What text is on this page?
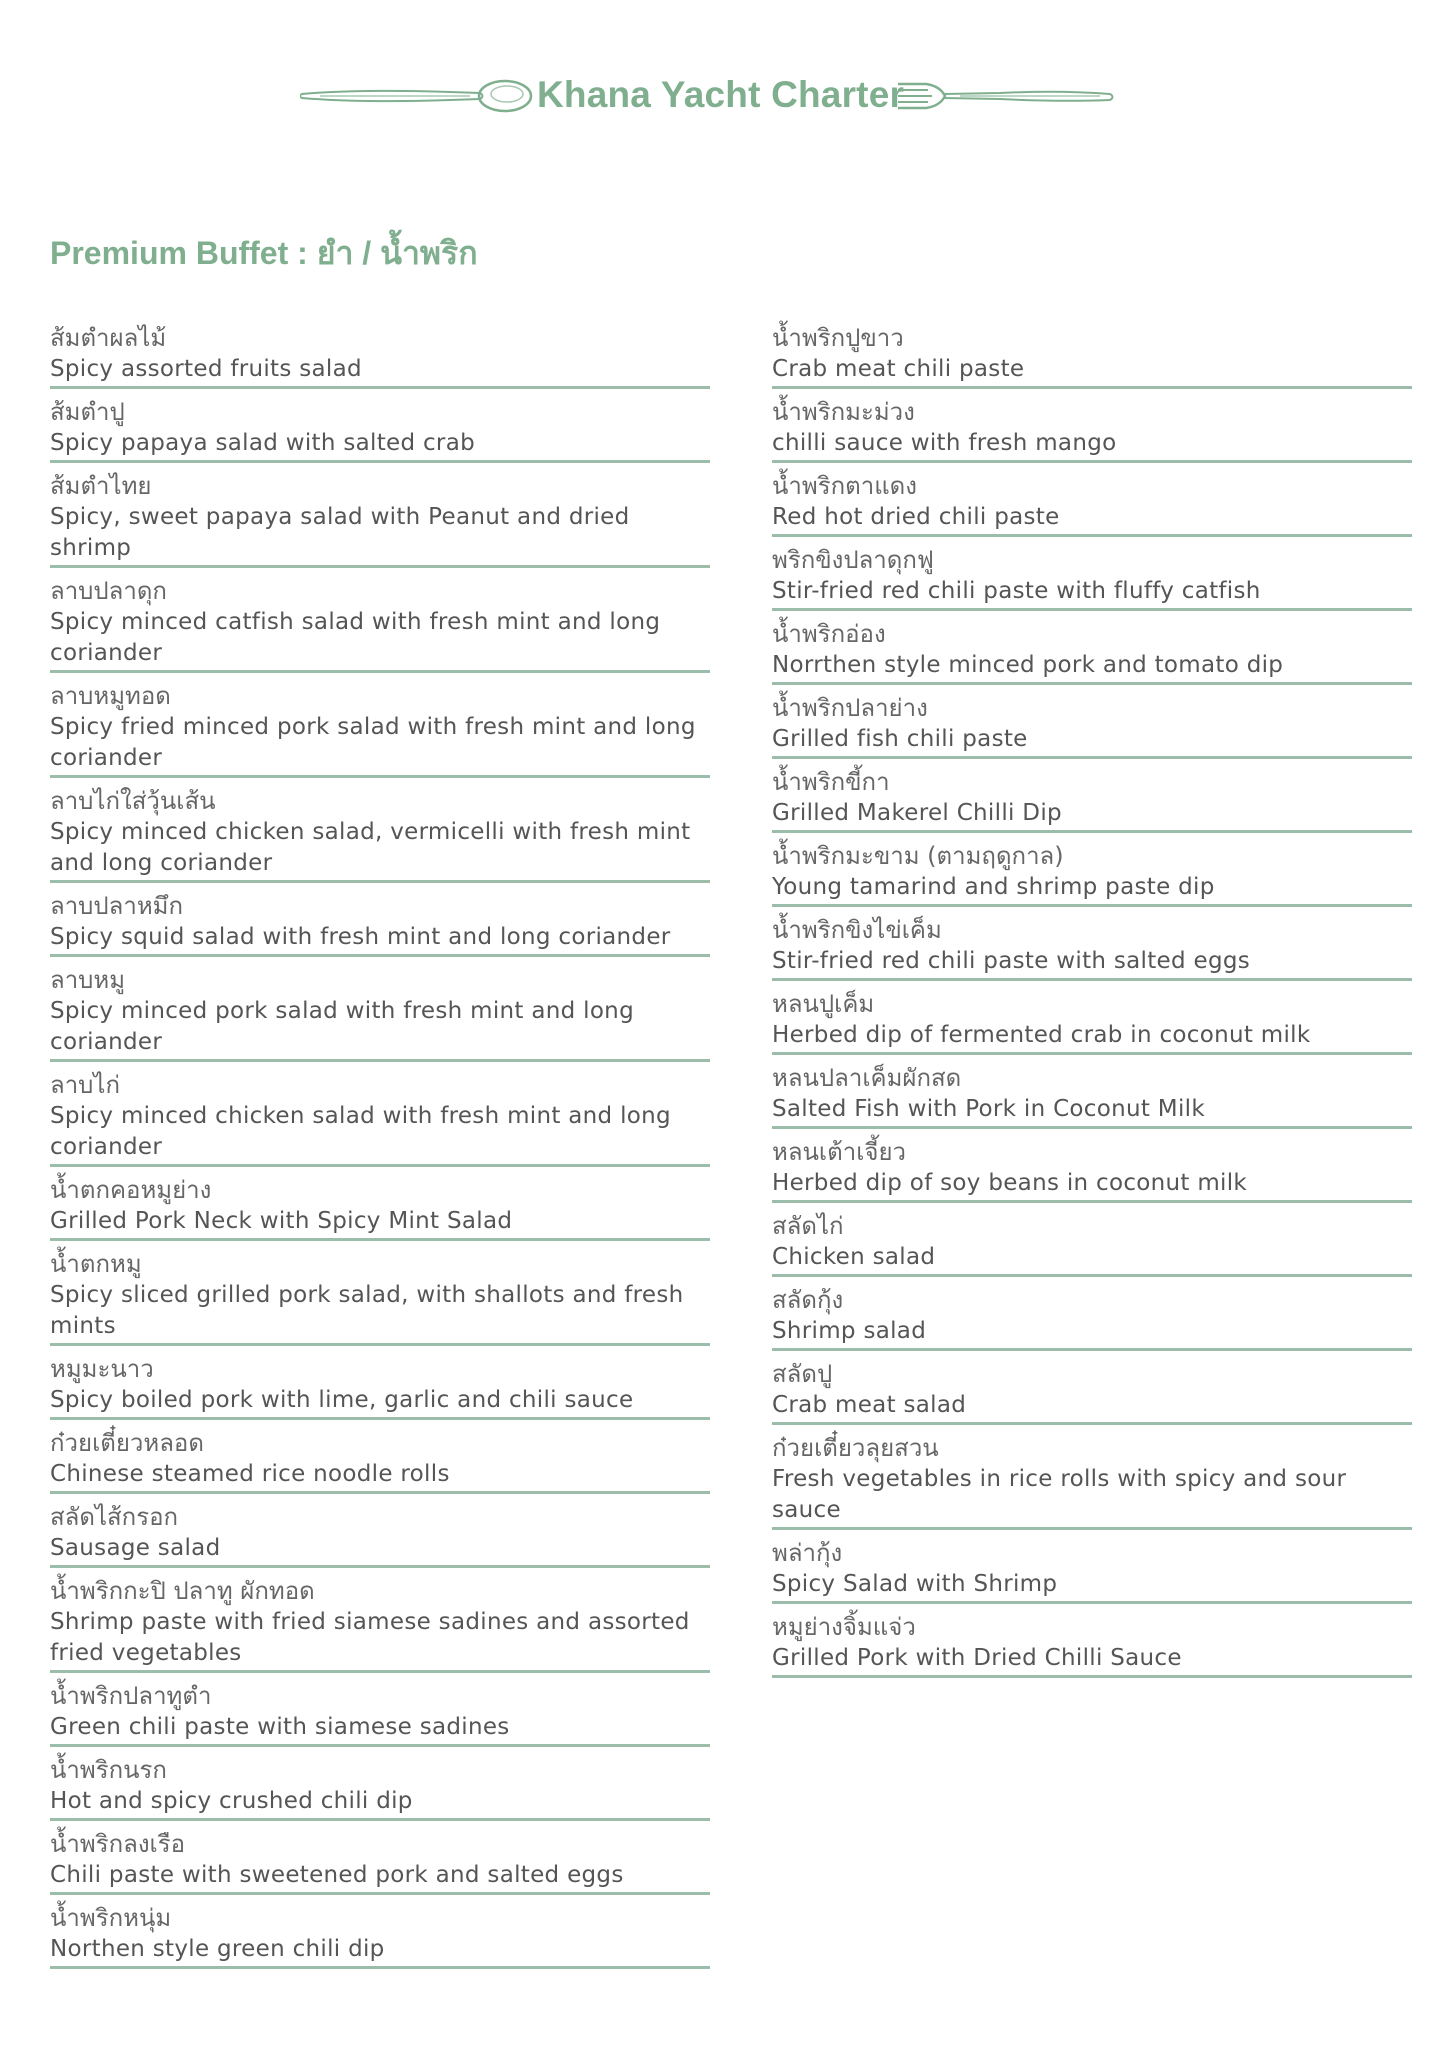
Khana Yacht Charter
Premium Buffet : ยำ / น้ำพริก
ส้มตำผลไม้
Spicy assorted fruits salad
ส้มตำปู
Spicy papaya salad with salted crab
ส้มตำไทย
Spicy, sweet papaya salad with Peanut and dried shrimp
ลาบปลาดุก
Spicy minced catfish salad with fresh mint and long coriander
ลาบหมูทอด
Spicy fried minced pork salad with fresh mint and long coriander
ลาบไก่ใส่วุ้นเส้น
Spicy minced chicken salad, vermicelli with fresh mint and long coriander
ลาบปลาหมึก
Spicy squid salad with fresh mint and long coriander
ลาบหมู
Spicy minced pork salad with fresh mint and long coriander
ลาบไก่
Spicy minced chicken salad with fresh mint and long coriander
น้ำตกคอหมูย่าง
Grilled Pork Neck with Spicy Mint Salad
น้ำตกหมู
Spicy sliced grilled pork salad, with shallots and fresh mints
หมูมะนาว
Spicy boiled pork with lime, garlic and chili sauce
ก๋วยเตี๋ยวหลอด
Chinese steamed rice noodle rolls
สลัดไส้กรอก
Sausage salad
น้ำพริกกะปิ ปลาทู ผักทอด
Shrimp paste with fried siamese sadines and assorted fried vegetables
น้ำพริกปลาทูตำ
Green chili paste with siamese sadines
น้ำพริกนรก
Hot and spicy crushed chili dip
น้ำพริกลงเรือ
Chili paste with sweetened pork and salted eggs
น้ำพริกหนุ่ม
Northen style green chili dip
น้ำพริกปูขาว
Crab meat chili paste
น้ำพริกมะม่วง
chilli sauce with fresh mango
น้ำพริกตาแดง
Red hot dried chili paste
พริกขิงปลาดุกฟู
Stir-fried red chili paste with fluffy catfish
น้ำพริกอ่อง
Norrthen style minced pork and tomato dip
น้ำพริกปลาย่าง
Grilled fish chili paste
น้ำพริกขี้กา
Grilled Makerel Chilli Dip
น้ำพริกมะขาม (ตามฤดูกาล)
Young tamarind and shrimp paste dip
น้ำพริกขิงไข่เค็ม
Stir-fried red chili paste with salted eggs
หลนปูเค็ม
Herbed dip of fermented crab in coconut milk
หลนปลาเค็มผักสด
Salted Fish with Pork in Coconut Milk
หลนเต้าเจี้ยว
Herbed dip of soy beans in coconut milk
สลัดไก่
Chicken salad
สลัดกุ้ง
Shrimp salad
สลัดปู
Crab meat salad
ก๋วยเตี๋ยวลุยสวน
Fresh vegetables in rice rolls with spicy and sour sauce
พล่ากุ้ง
Spicy Salad with Shrimp
หมูย่างจิ้มแจ่ว
Grilled Pork with Dried Chilli Sauce
